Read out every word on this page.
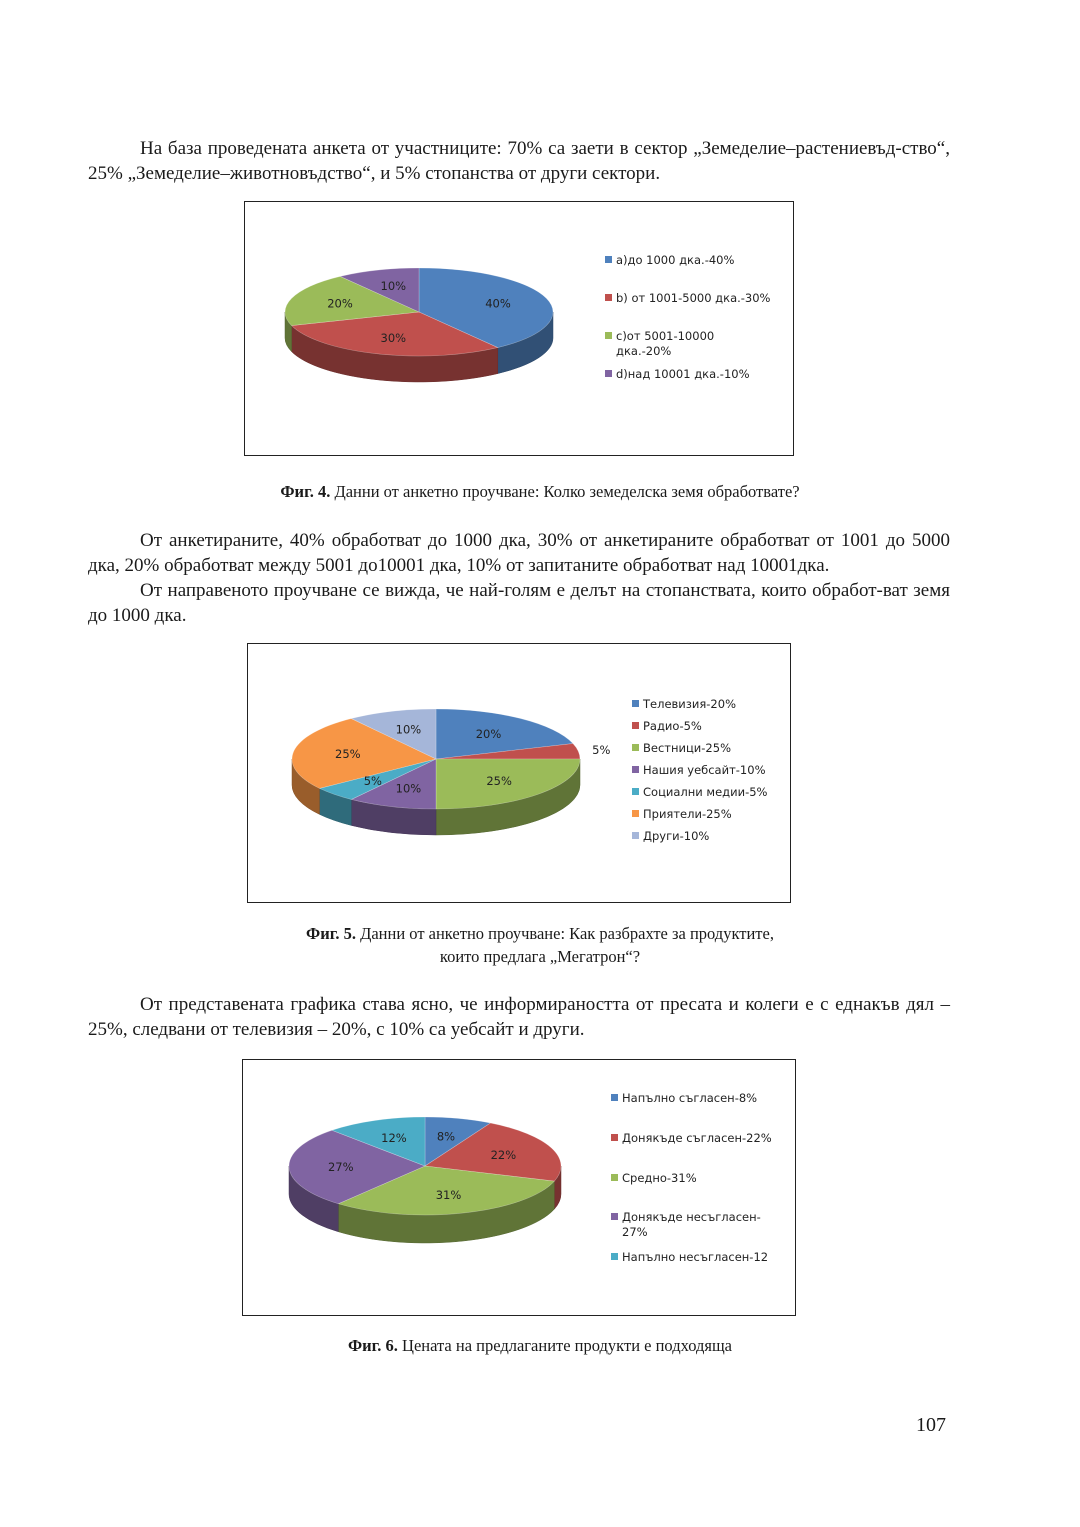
На база проведената анкета от участниците: 70% са заети в сектор „Земеделие–растениевъд-ство“, 25% „Земеделие–животновъдство“, и 5% стопанства от други сектори.

40%
30%
20%
10%
a)до 1000 дка.-40%
b) от 1001-5000 дка.-30%
c)от 5001-10000 дка.-20%
d)над 10001 дка.-10%

Фиг. 4. Данни от анкетно проучване: Колко земеделска земя обработвате?

От анкетираните, 40% обработват до 1000 дка, 30% от анкетираните обработват от 1001 до 5000 дка, 20% обработват между 5001 до10001 дка, 10% от запитаните обработват над 10001дка.

От направеното проучване се вижда, че най-голям е делът на стопанствата, които обработ-ват земя до 1000 дка.

20%
5%
25%
10%
5%
25%
10%
Телевизия-20%
Радио-5%
Вестници-25%
Нашия уебсайт-10%
Социални медии-5%
Приятели-25%
Други-10%

Фиг. 5. Данни от анкетно проучване: Как разбрахте за продуктите,

които предлага „Мегатрон“?

От представената графика става ясно, че информираността от пресата и колеги е с еднакъв дял – 25%, следвани от телевизия – 20%, с 10% са уебсайт и други.

8%
22%
31%
27%
12%
Напълно съгласен-8%
Донякъде съгласен-22%
Средно-31%
Донякъде несъгласен-27%
Напълно несъгласен-12

Фиг. 6. Цената на предлаганите продукти е подходяща

107
